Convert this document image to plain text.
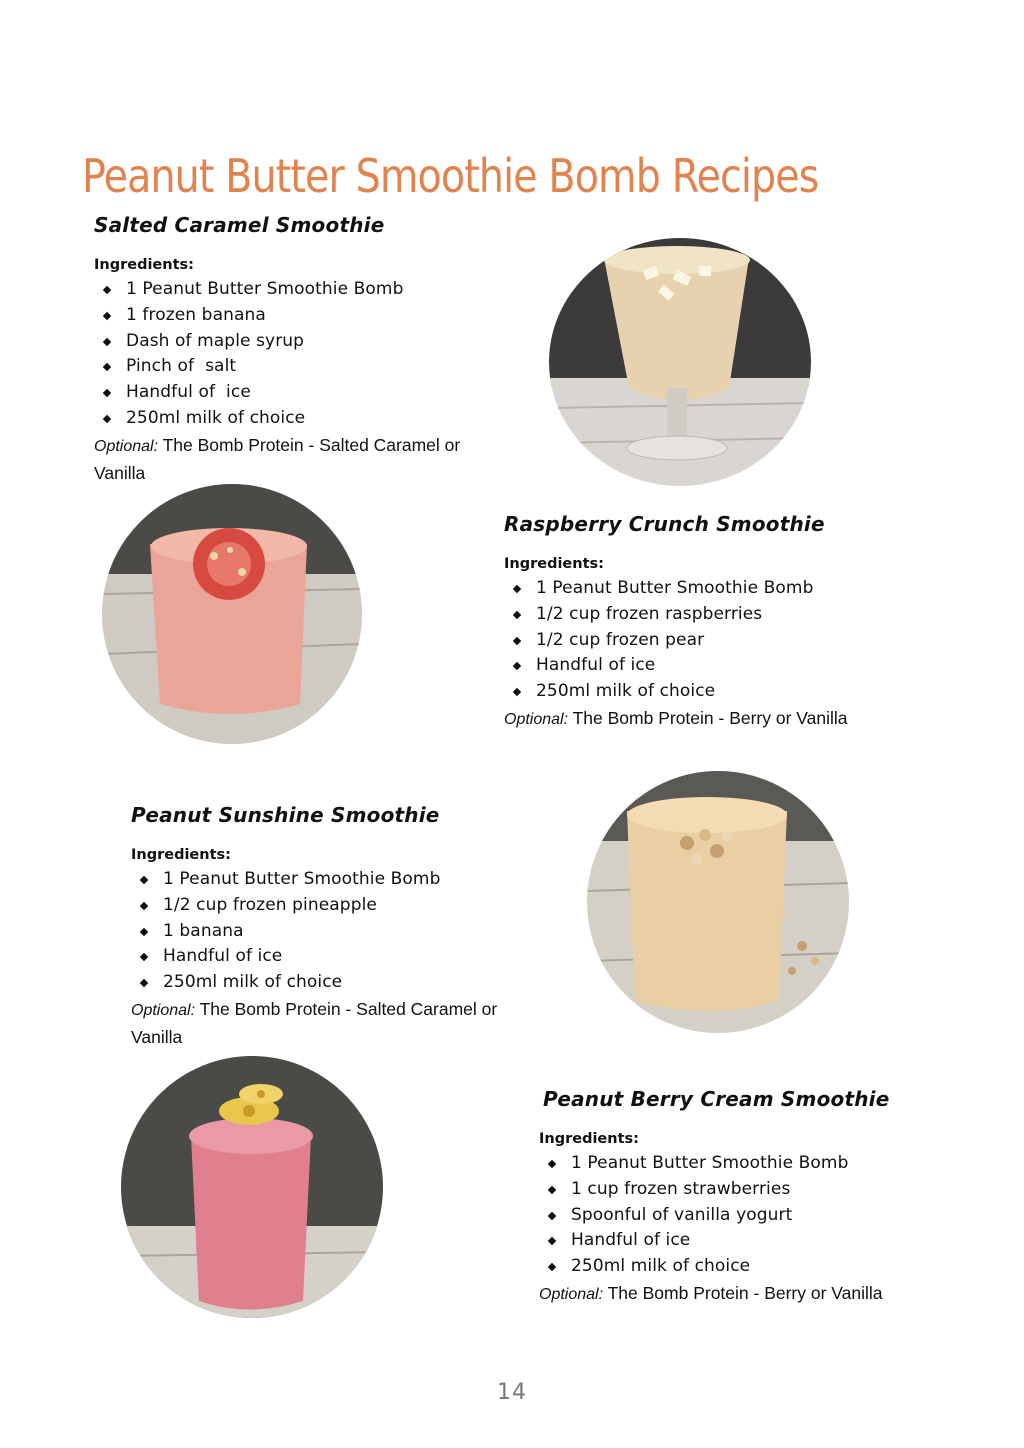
Peanut Butter Smoothie Bomb Recipes
Salted Caramel Smoothie
Ingredients:
1 Peanut Butter Smoothie Bomb
1 frozen banana
Dash of maple syrup
Pinch of  salt
Handful of  ice
250ml milk of choice
Optional: The Bomb Protein - Salted Caramel or Vanilla
Raspberry Crunch Smoothie
Ingredients:
1 Peanut Butter Smoothie Bomb
1/2 cup frozen raspberries
1/2 cup frozen pear
Handful of ice
250ml milk of choice
Optional: The Bomb Protein - Berry or Vanilla
Peanut Sunshine Smoothie
Ingredients:
1 Peanut Butter Smoothie Bomb
1/2 cup frozen pineapple
1 banana
Handful of ice
250ml milk of choice
Optional: The Bomb Protein - Salted Caramel or Vanilla
Peanut Berry Cream Smoothie
Ingredients:
1 Peanut Butter Smoothie Bomb
1 cup frozen strawberries
Spoonful of vanilla yogurt
Handful of ice
250ml milk of choice
Optional: The Bomb Protein - Berry or Vanilla
14
